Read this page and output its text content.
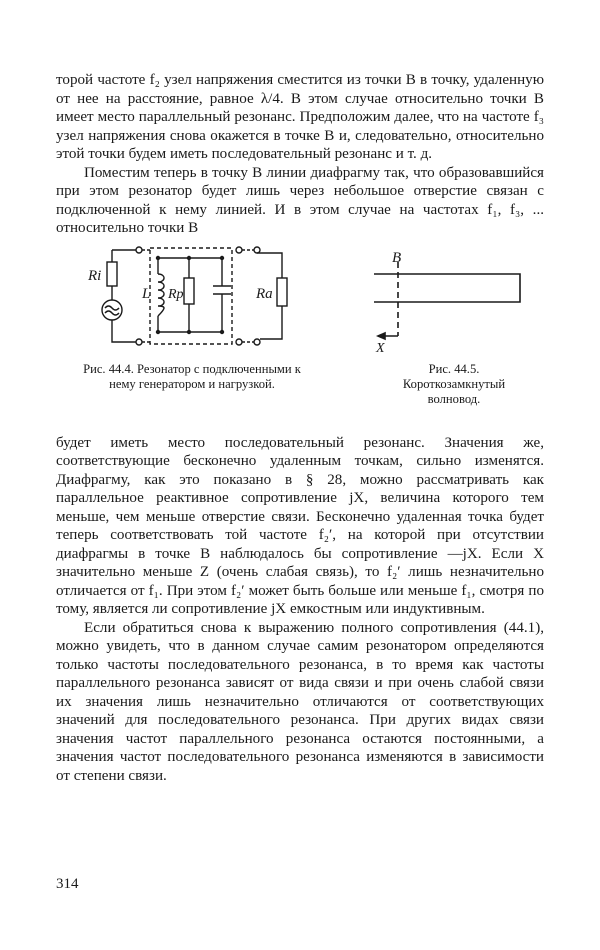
торой частоте f₂ узел напряжения сместится из точки B в точку, удаленную от нее на расстояние, равное λ/4. В этом случае относительно точки B имеет место параллельный резонанс. Предположим далее, что на частоте f₃ узел напряжения снова окажется в точке B и, следовательно, относительно этой точки будем иметь последовательный резонанс и т. д.

Поместим теперь в точку B линии диафрагму так, что образовавшийся при этом резонатор будет лишь через небольшое отверстие связан с подключенной к нему линией. И в этом случае на частотах f₁, f₃, ... относительно точки B

Ri
L Rp	Ra
B
X
Рис. 44.4. Резонатор с подключенными к нему генератором и нагрузкой.
Рис. 44.5. Короткозамкнутый волновод.

будет иметь место последовательный резонанс. Значения же, соответствующие бесконечно удаленным точкам, сильно изменятся. Диафрагму, как это показано в § 28, можно рассматривать как параллельное реактивное сопротивление jX, величина которого тем меньше, чем меньше отверстие связи. Бесконечно удаленная точка будет теперь соответствовать той частоте f₂′, на которой при отсутствии диафрагмы в точке B наблюдалось бы сопротивление —jX. Если X значительно меньше Z (очень слабая связь), то f₂′ лишь незначительно отличается от f₁. При этом f₂′ может быть больше или меньше f₁, смотря по тому, является ли сопротивление jX емкостным или индуктивным.

Если обратиться снова к выражению полного сопротивления (44.1), можно увидеть, что в данном случае самим резонатором определяются только частоты последовательного резонанса, в то время как частоты параллельного резонанса зависят от вида связи и при очень слабой связи их значения лишь незначительно отличаются от соответствующих значений для последовательного резонанса. При других видах связи значения частот параллельного резонанса остаются постоянными, а значения частот последовательного резонанса изменяются в зависимости от степени связи.

314
